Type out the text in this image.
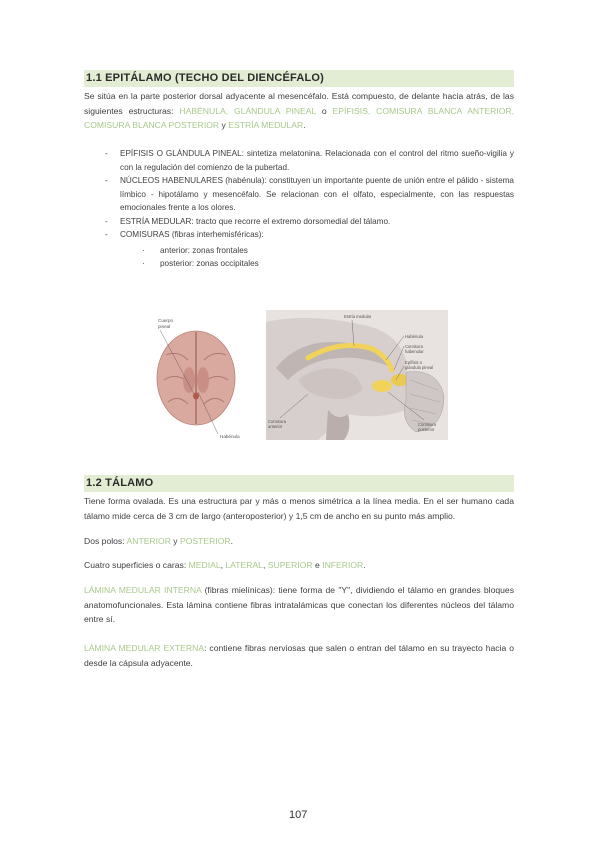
1.1 EPITÁLAMO (TECHO DEL DIENCÉFALO)

Se sitúa en la parte posterior dorsal adyacente al mesencéfalo. Está compuesto, de delante hacia atrás, de las siguientes estructuras: HABÉNULA, GLÁNDULA PINEAL o EPÍFISIS, COMISURA BLANCA ANTERIOR, COMISURA BLANCA POSTERIOR y ESTRÍA MEDULAR.

- EPÍFISIS O GLÁNDULA PINEAL: sintetiza melatonina. Relacionada con el control del ritmo sueño-vigilia y con la regulación del comienzo de la pubertad.
- NÚCLEOS HABENULARES (habénula): constituyen un importante puente de unión entre el pálido - sistema límbico - hipotálamo y mesencéfalo. Se relacionan con el olfato, especialmente, con las respuestas emocionales frente a los olores.
- ESTRÍA MEDULAR: tracto que recorre el extremo dorsomedial del tálamo.
- COMISURAS (fibras interhemisféricas):
· anterior: zonas frontales
· posterior: zonas occipitales
Cuerpo
pineal
Habénula
Estría medular
Habénula
Comisura
habenular
Epífisis o
glándula pineal
Comisura
anterior	Comisura
posterior
1.2 TÁLAMO

Tiene forma ovalada. Es una estructura par y más o menos simétrica a la línea media. En el ser humano cada tálamo mide cerca de 3 cm de largo (anteroposterior) y 1,5 cm de ancho en su punto más amplio.

Dos polos: ANTERIOR y POSTERIOR.

Cuatro superficies o caras: MEDIAL, LATERAL, SUPERIOR e INFERIOR.

LÁMINA MEDULAR INTERNA (fibras mielínicas): tiene forma de "Y", dividiendo el tálamo en grandes bloques anatomofuncionales. Esta lámina contiene fibras intratalámicas que conectan los diferentes núcleos del tálamo entre sí.

LÁMINA MEDULAR EXTERNA: contiene fibras nerviosas que salen o entran del tálamo en su trayecto hacia o desde la cápsula adyacente.

107
